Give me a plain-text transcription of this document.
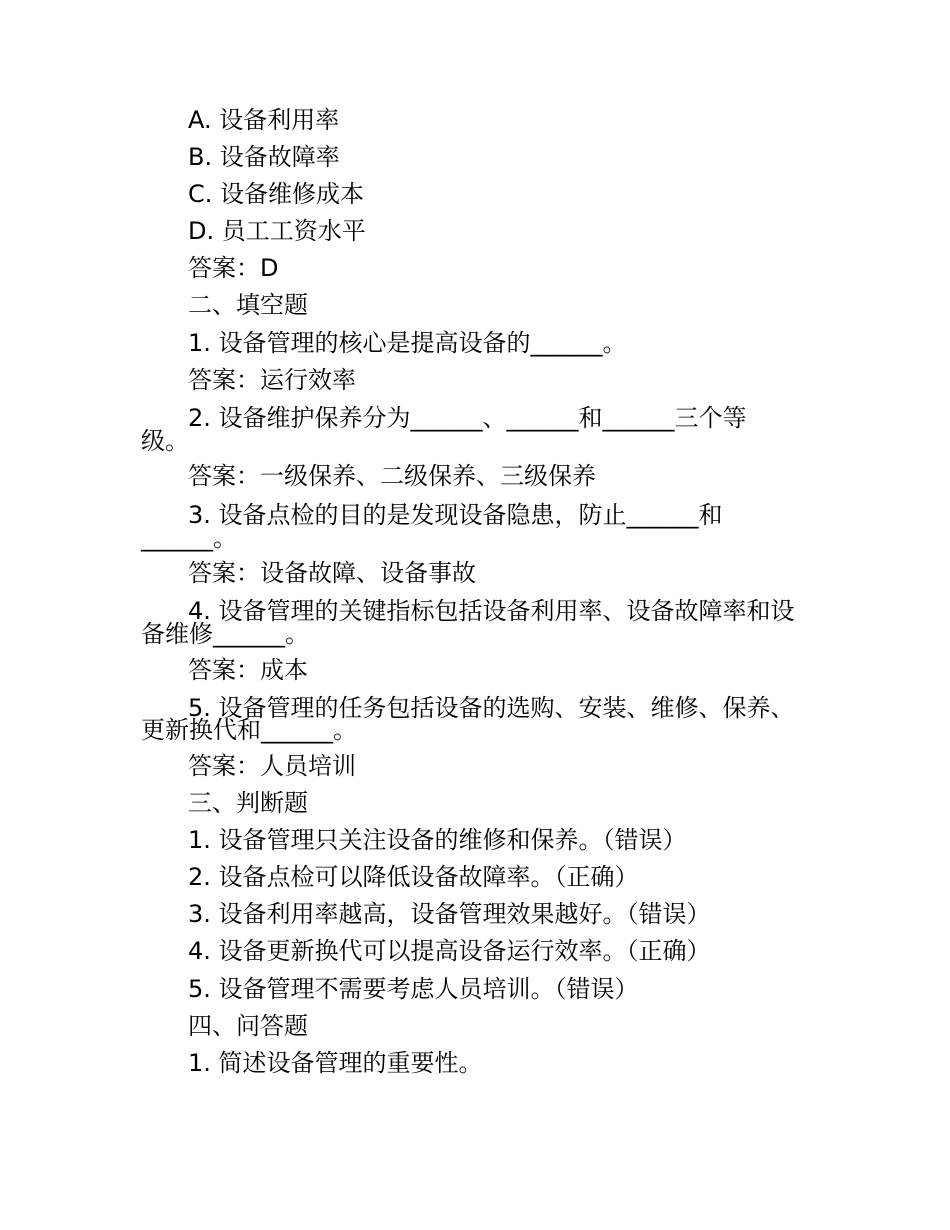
A. 设备利用率
B. 设备故障率
C. 设备维修成本
D. 员工工资水平
答案：D
二、填空题
1. 设备管理的核心是提高设备的______。
答案：运行效率
2. 设备维护保养分为______、______和______三个等
级。
答案：一级保养、二级保养、三级保养
3. 设备点检的目的是发现设备隐患，防止______和
______。
答案：设备故障、设备事故
4. 设备管理的关键指标包括设备利用率、设备故障率和设
备维修______。
答案：成本
5. 设备管理的任务包括设备的选购、安装、维修、保养、
更新换代和______。
答案：人员培训
三、判断题
1. 设备管理只关注设备的维修和保养。（错误）
2. 设备点检可以降低设备故障率。（正确）
3. 设备利用率越高，设备管理效果越好。（错误）
4. 设备更新换代可以提高设备运行效率。（正确）
5. 设备管理不需要考虑人员培训。（错误）
四、问答题
1. 简述设备管理的重要性。
